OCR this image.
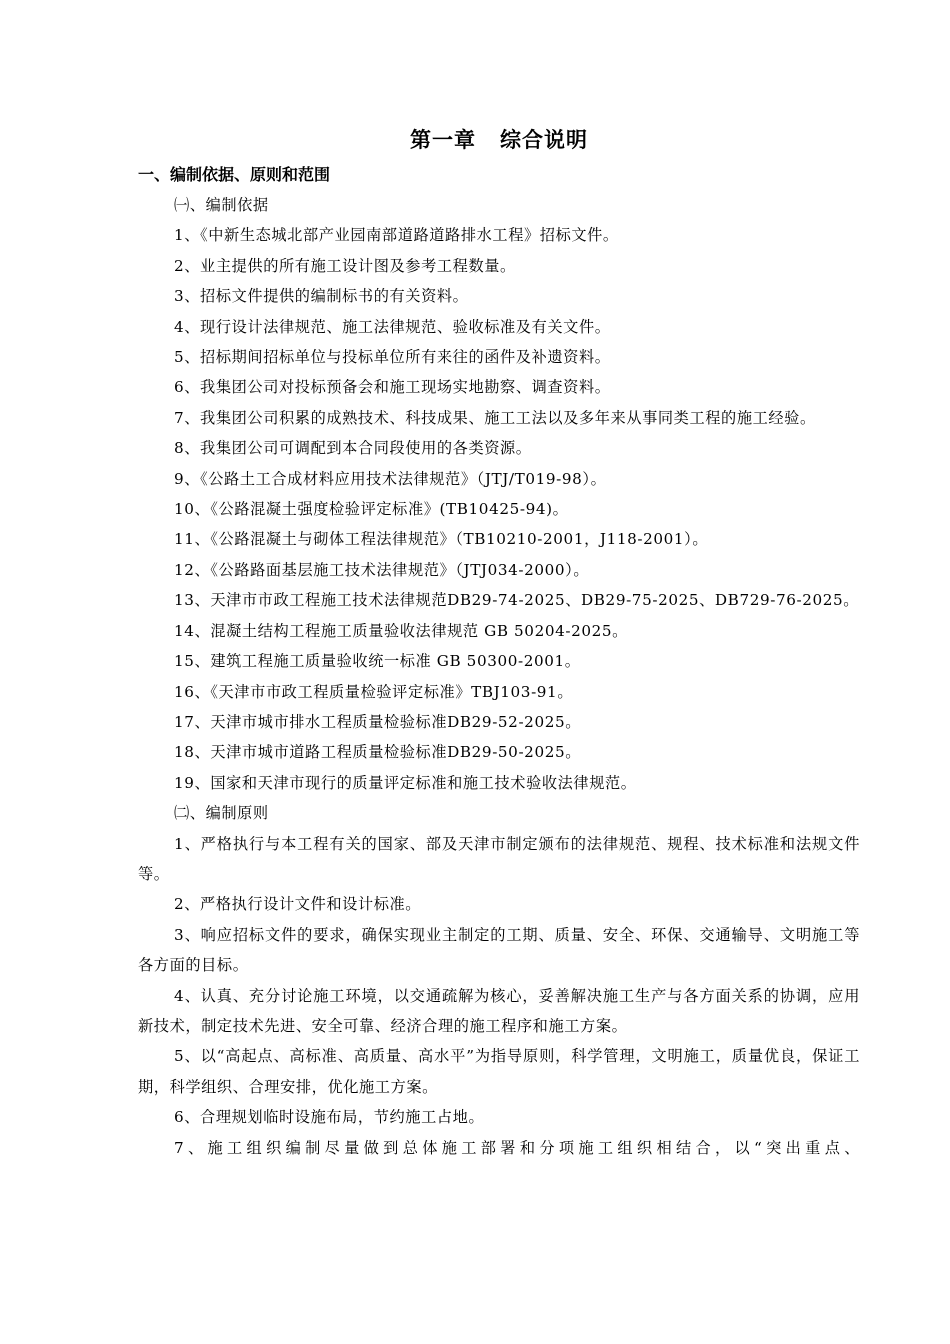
第一章 综合说明
一、编制依据、原则和范围

㈠、编制依据

1、《中新生态城北部产业园南部道路道路排水工程》招标文件。

2、业主提供的所有施工设计图及参考工程数量。

3、招标文件提供的编制标书的有关资料。

4、现行设计法律规范、施工法律规范、验收标准及有关文件。

5、招标期间招标单位与投标单位所有来往的函件及补遗资料。

6、我集团公司对投标预备会和施工现场实地勘察、调查资料。

7、我集团公司积累的成熟技术、科技成果、施工工法以及多年来从事同类工程的施工经验。

8、我集团公司可调配到本合同段使用的各类资源。

9、《公路土工合成材料应用技术法律规范》（JTJ/T019-98）。

10、《公路混凝土强度检验评定标准》(TB10425-94)。

11、《公路混凝土与砌体工程法律规范》（TB10210-2001，J118-2001）。

12、《公路路面基层施工技术法律规范》（JTJ034-2000）。

13、天津市市政工程施工技术法律规范DB29-74-2025、DB29-75-2025、DB729-76-2025。

14、混凝土结构工程施工质量验收法律规范 GB 50204-2025。

15、建筑工程施工质量验收统一标准 GB 50300-2001。

16、《天津市市政工程质量检验评定标准》TBJ103-91。

17、天津市城市排水工程质量检验标准DB29-52-2025。

18、天津市城市道路工程质量检验标准DB29-50-2025。

19、国家和天津市现行的质量评定标准和施工技术验收法律规范。

㈡、编制原则

1、严格执行与本工程有关的国家、部及天津市制定颁布的法律规范、规程、技术标准和法规文件等。

2、严格执行设计文件和设计标准。

3、响应招标文件的要求，确保实现业主制定的工期、质量、安全、环保、交通输导、文明施工等各方面的目标。

4、认真、充分讨论施工环境，以交通疏解为核心，妥善解决施工生产与各方面关系的协调，应用新技术，制定技术先进、安全可靠、经济合理的施工程序和施工方案。

5、以“高起点、高标准、高质量、高水平”为指导原则，科学管理，文明施工，质量优良，保证工期，科学组织、合理安排，优化施工方案。

6、合理规划临时设施布局，节约施工占地。

7、施工组织编制尽量做到总体施工部署和分项施工组织相结合，以“突出重点、
